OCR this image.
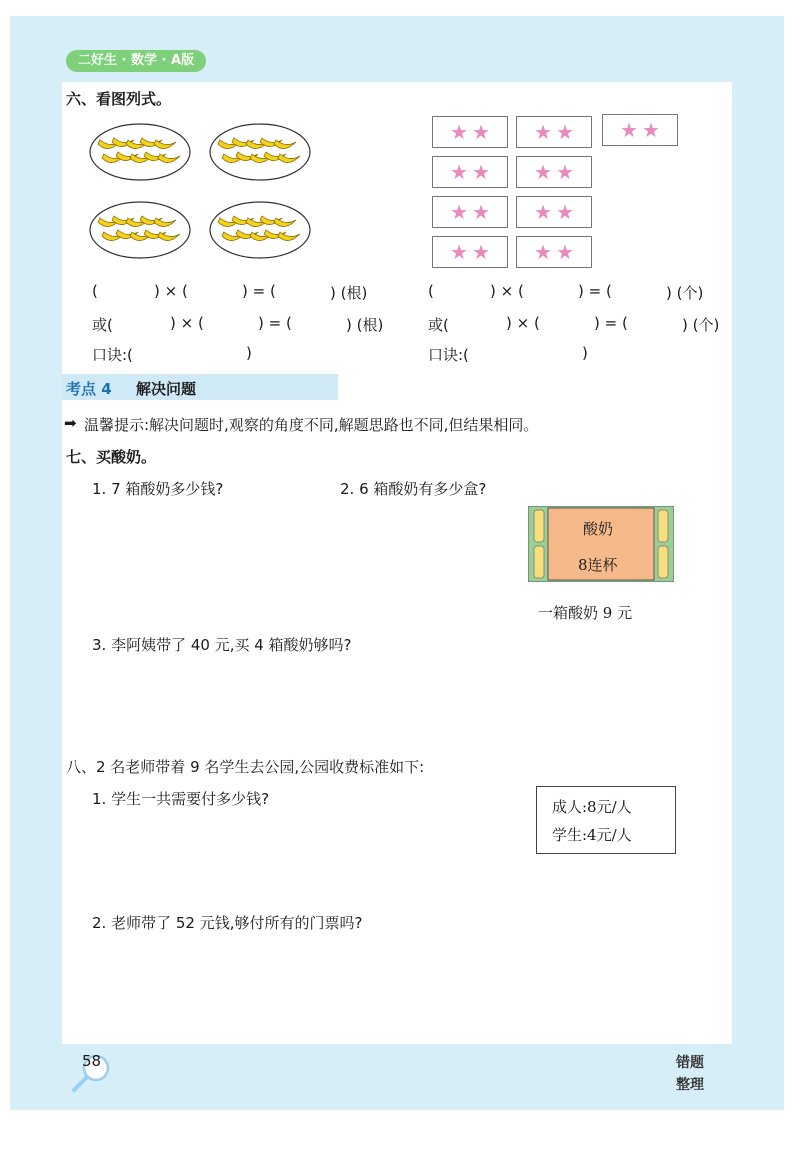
二好生 · 数学 · A版
六、看图列式。
★ ★ ★ ★ ★ ★
★ ★ ★ ★
★ ★ ★ ★
★ ★ ★ ★
(	) × (	) = (	) (根)
或(	) × (	) = (	) (根)
口诀:(	)
(	) × (	) = (	) (个)
或(	) × (	) = (	) (个)
口诀:(	)
考点 4 解决问题
➡ 温馨提示:解决问题时,观察的角度不同,解题思路也不同,但结果相同。
七、买酸奶。
1. 7 箱酸奶多少钱?	2. 6 箱酸奶有多少盒?
酸奶
8连杯
一箱酸奶 9 元
3. 李阿姨带了 40 元,买 4 箱酸奶够吗?
八、2 名老师带着 9 名学生去公园,公园收费标准如下:
1. 学生一共需要付多少钱?	成人:8元/人
学生:4元/人
2. 老师带了 52 元钱,够付所有的门票吗?
58	错题
整理
